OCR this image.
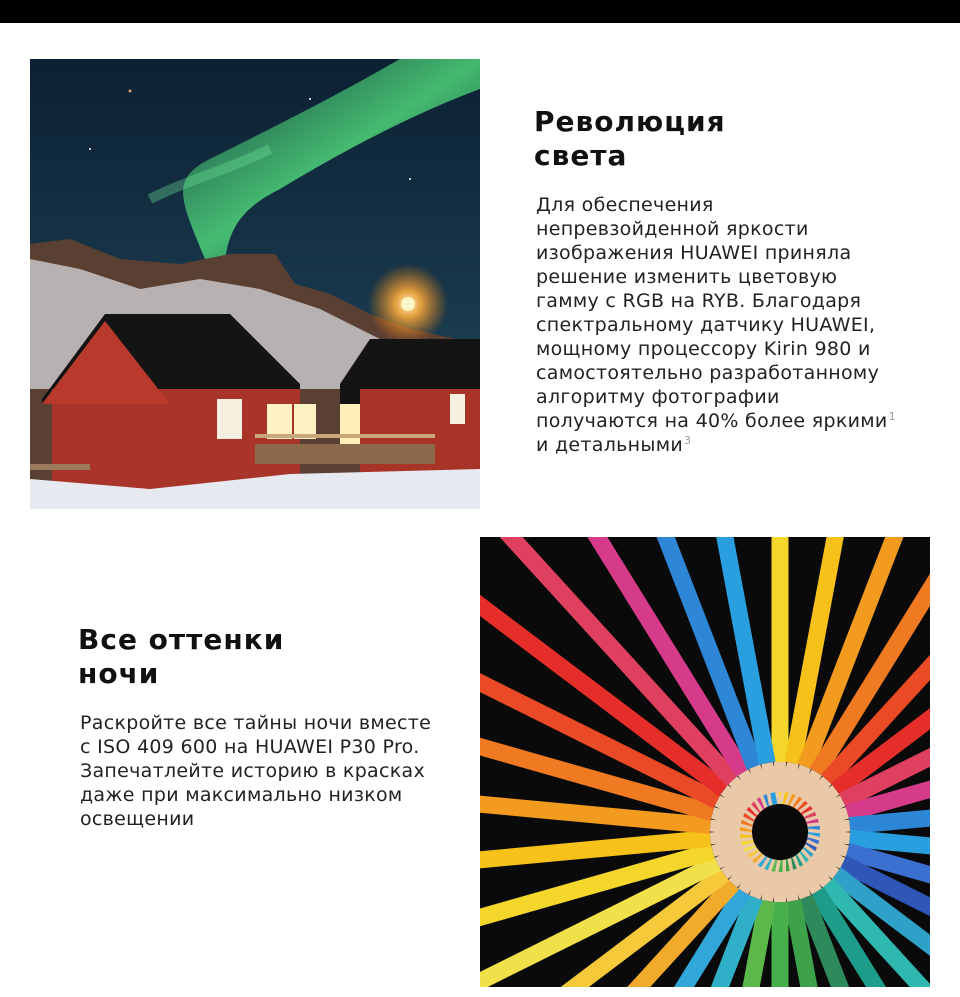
Революция
света

Для обеспечения непревзойденной яркости изображения HUAWEI приняла решение изменить цветовую гамму с RGB на RYB. Благодаря спектральному датчику HUAWEI, мощному процессору Kirin 980 и самостоятельно разработанному алгоритму фотографии получаются на 40% более яркими$^1$ и детальными$^3$

Все оттенки
ночи

Раскройте все тайны ночи вместе с ISO 409 600 на HUAWEI P30 Pro. Запечатлейте историю в красках даже при максимально низком освещении
